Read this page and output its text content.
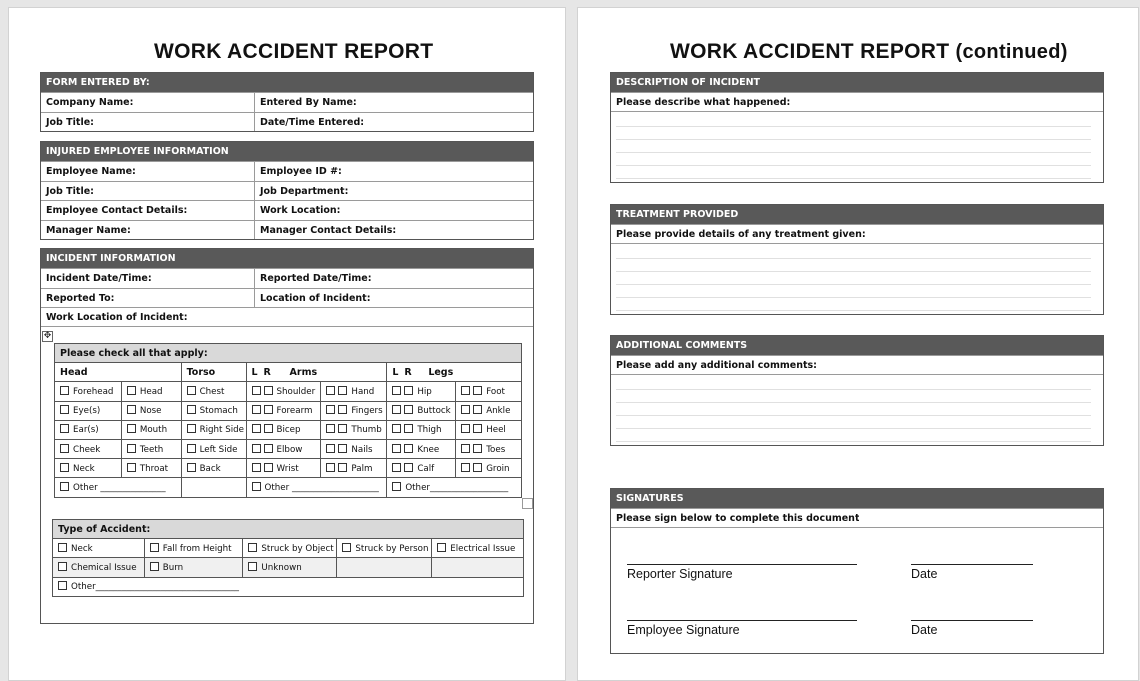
WORK ACCIDENT REPORT
FORM ENTERED BY:
Company Name:	Entered By Name:
Job Title:	Date/Time Entered:
INJURED EMPLOYEE INFORMATION
Employee Name:	Employee ID #:
Job Title:	Job Department:
Employee Contact Details:	Work Location:
Manager Name:	Manager Contact Details:
INCIDENT INFORMATION
Incident Date/Time:	Reported Date/Time:
Reported To:	Location of Incident:
Work Location of Incident:
✥
Please check all that apply:						
Head		Torso	L R Arms		L R Legs	
Forehead	Head	Chest	Shoulder	Hand	Hip	Foot
Eye(s)	Nose	Stomach	Forearm	Fingers	Buttock	Ankle
Ear(s)	Mouth	Right Side	Bicep	Thumb	Thigh	Heel
Cheek	Teeth	Left Side	Elbow	Nails	Knee	Toes
Neck	Throat	Back	Wrist	Palm	Calf	Groin
Other _______________			Other ____________________		Other__________________	
Type of Accident:				
Neck	Fall from Height	Struck by Object	Struck by Person	Electrical Issue
Chemical Issue	Burn	Unknown		
Other_________________________________				
WORK ACCIDENT REPORT (continued)
DESCRIPTION OF INCIDENT
Please describe what happened:
TREATMENT PROVIDED
Please provide details of any treatment given:
ADDITIONAL COMMENTS
Please add any additional comments:
SIGNATURES
Please sign below to complete this document
Reporter Signature	Date
Employee Signature	Date
